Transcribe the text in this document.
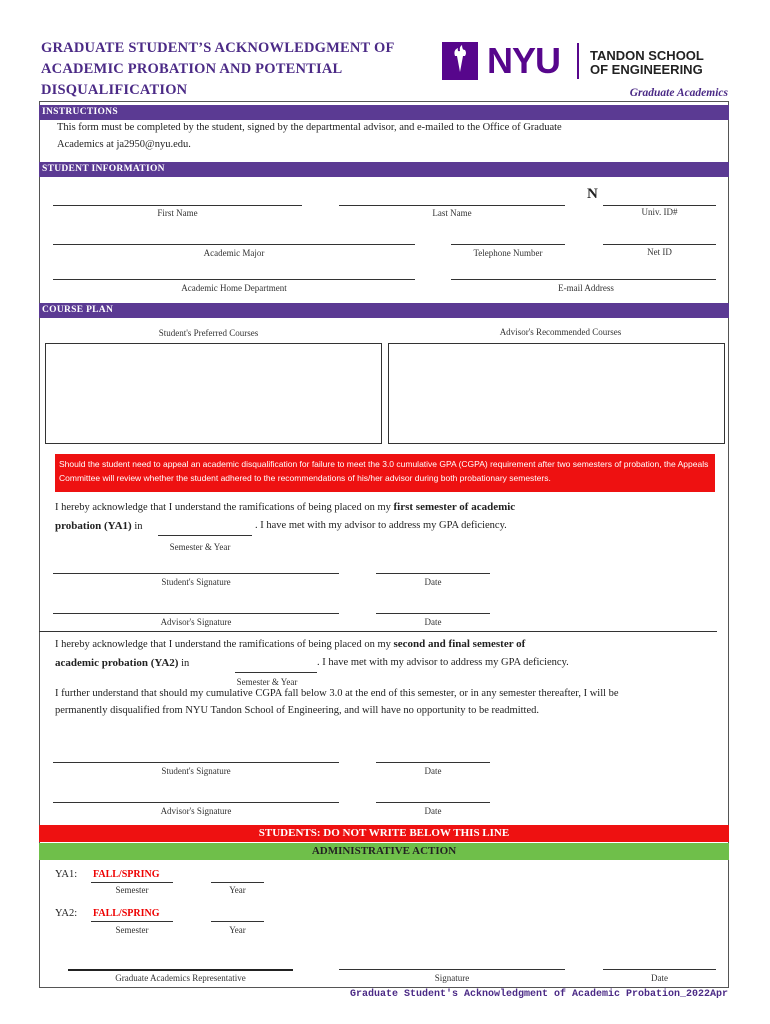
GRADUATE STUDENT’S ACKNOWLEDGMENT OF
ACADEMIC PROBATION AND POTENTIAL
DISQUALIFICATION
NYU TANDON SCHOOL
OF ENGINEERING
Graduate Academics
INSTRUCTIONS
This form must be completed by the student, signed by the departmental advisor, and e-mailed to the Office of Graduate
Academics at ja2950@nyu.edu.
STUDENT INFORMATION
N
First Name	Last Name	Univ. ID#
Academic Major	Telephone Number	Net ID
Academic Home Department	E-mail Address
COURSE PLAN
Student's Preferred Courses	Advisor's Recommended Courses
Should the student need to appeal an academic disqualification for failure to meet the 3.0 cumulative GPA (CGPA) requirement after two semesters of probation, the Appeals Committee will review whether the student adhered to the recommendations of his/her advisor during both probationary semesters.
I hereby acknowledge that I understand the ramifications of being placed on my first semester of academic
probation (YA1) in	. I have met with my advisor to address my GPA deficiency.
Semester & Year
Student's Signature	Date
Advisor's Signature	Date
I hereby acknowledge that I understand the ramifications of being placed on my second and final semester of
academic probation (YA2) in	. I have met with my advisor to address my GPA deficiency.
Semester & Year
I further understand that should my cumulative CGPA fall below 3.0 at the end of this semester, or in any semester thereafter, I will be
permanently disqualified from NYU Tandon School of Engineering, and will have no opportunity to be readmitted.
Student's Signature	Date
Advisor's Signature	Date
STUDENTS: DO NOT WRITE BELOW THIS LINE
ADMINISTRATIVE ACTION
YA1: FALL/SPRING
Semester	Year
YA2: FALL/SPRING
Semester	Year
Graduate Academics Representative	Signature	Date
Graduate Student's Acknowledgment of Academic Probation_2022Apr
